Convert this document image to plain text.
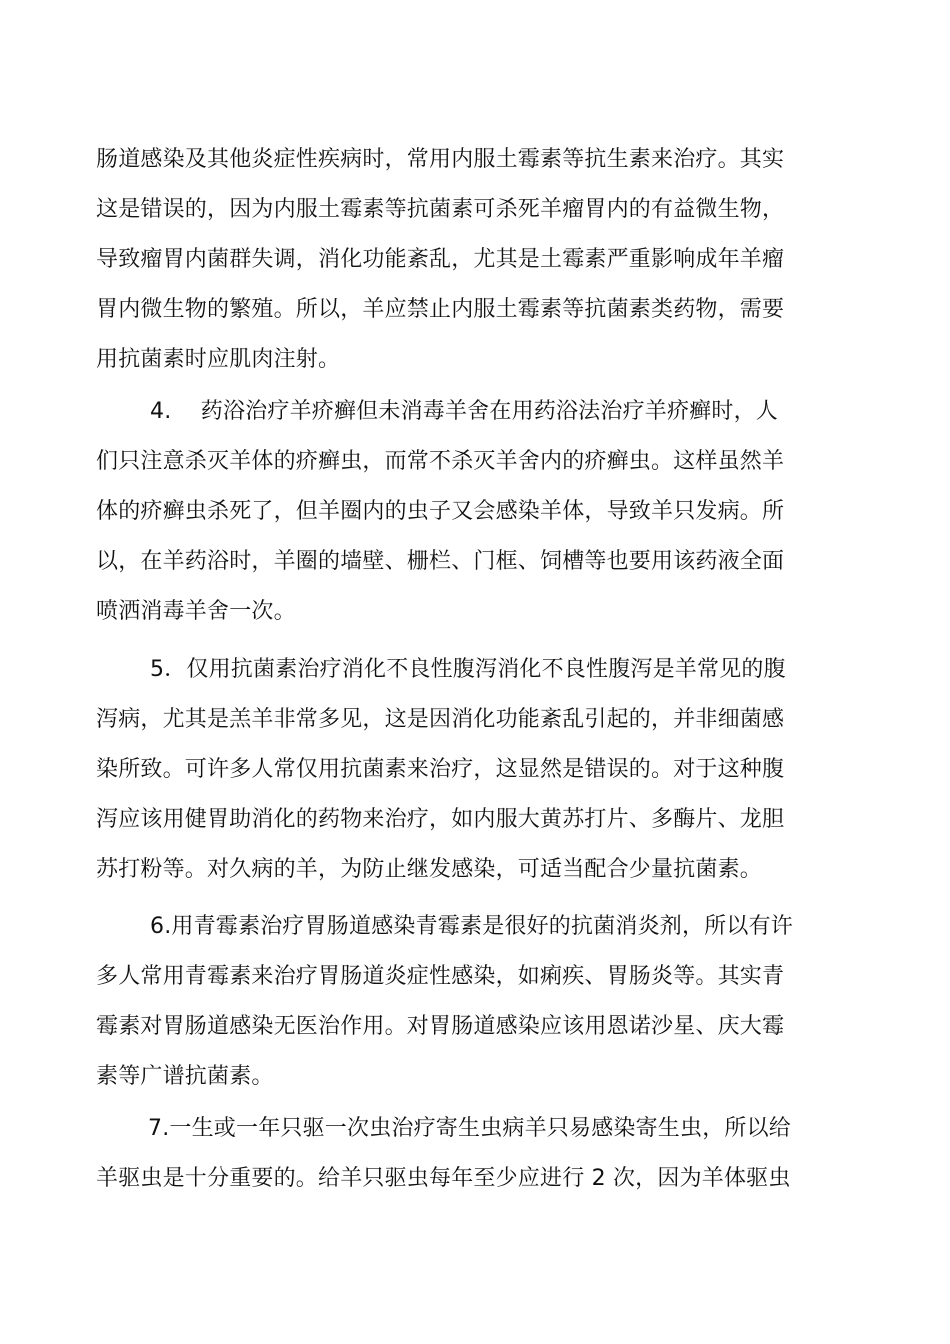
肠道感染及其他炎症性疾病时，常用内服土霉素等抗生素来治疗。其实
这是错误的，因为内服土霉素等抗菌素可杀死羊瘤胃内的有益微生物，
导致瘤胃内菌群失调，消化功能紊乱，尤其是土霉素严重影响成年羊瘤
胃内微生物的繁殖。所以，羊应禁止内服土霉素等抗菌素类药物，需要
用抗菌素时应肌肉注射。

4.　 药浴治疗羊疥癣但未消毒羊舍在用药浴法治疗羊疥癣时，人
们只注意杀灭羊体的疥癣虫，而常不杀灭羊舍内的疥癣虫。这样虽然羊
体的疥癣虫杀死了，但羊圈内的虫子又会感染羊体，导致羊只发病。所
以，在羊药浴时，羊圈的墙壁、栅栏、门框、饲槽等也要用该药液全面
喷洒消毒羊舍一次。

5．仅用抗菌素治疗消化不良性腹泻消化不良性腹泻是羊常见的腹
泻病，尤其是羔羊非常多见，这是因消化功能紊乱引起的，并非细菌感
染所致。可许多人常仅用抗菌素来治疗，这显然是错误的。对于这种腹
泻应该用健胃助消化的药物来治疗，如内服大黄苏打片、多酶片、龙胆
苏打粉等。对久病的羊，为防止继发感染，可适当配合少量抗菌素。

6.用青霉素治疗胃肠道感染青霉素是很好的抗菌消炎剂，所以有许
多人常用青霉素来治疗胃肠道炎症性感染，如痢疾、胃肠炎等。其实青
霉素对胃肠道感染无医治作用。对胃肠道感染应该用恩诺沙星、庆大霉
素等广谱抗菌素。

7.一生或一年只驱一次虫治疗寄生虫病羊只易感染寄生虫，所以给
羊驱虫是十分重要的。给羊只驱虫每年至少应进行 2 次，因为羊体驱虫
